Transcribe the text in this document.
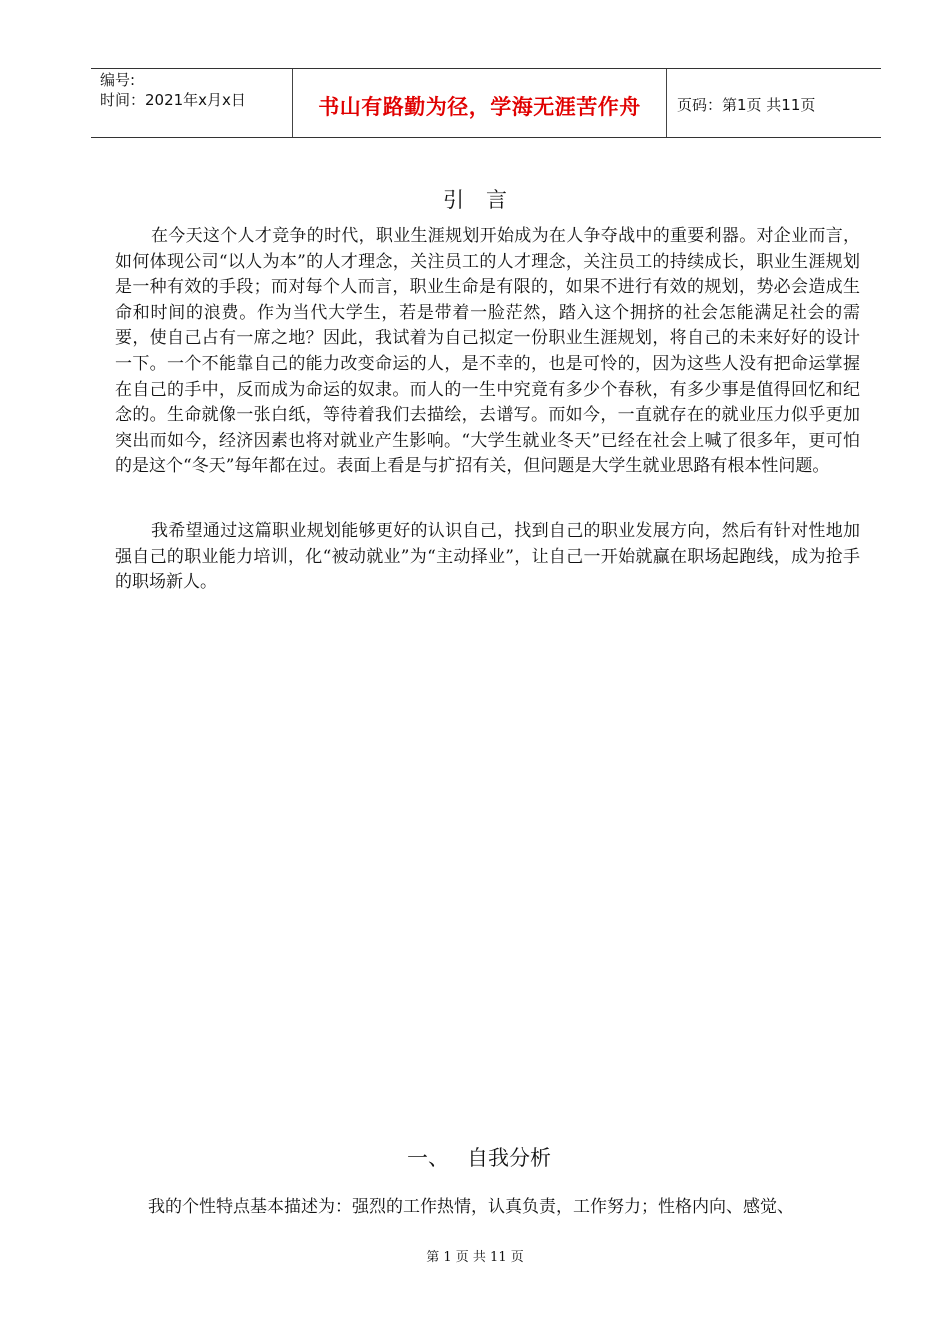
编号:
时间：2021年x月x日	书山有路勤为径，学海无涯苦作舟	页码：第1页 共11页
引言

在今天这个人才竞争的时代，职业生涯规划开始成为在人争夺战中的重要利器。对企业而言，如何体现公司“以人为本”的人才理念，关注员工的人才理念，关注员工的持续成长，职业生涯规划是一种有效的手段；而对每个人而言，职业生命是有限的，如果不进行有效的规划，势必会造成生命和时间的浪费。作为当代大学生，若是带着一脸茫然，踏入这个拥挤的社会怎能满足社会的需要，使自己占有一席之地？因此，我试着为自己拟定一份职业生涯规划，将自己的未来好好的设计一下。一个不能靠自己的能力改变命运的人，是不幸的，也是可怜的，因为这些人没有把命运掌握在自己的手中，反而成为命运的奴隶。而人的一生中究竟有多少个春秋，有多少事是值得回忆和纪念的。生命就像一张白纸，等待着我们去描绘，去谱写。而如今，一直就存在的就业压力似乎更加突出而如今，经济因素也将对就业产生影响。“大学生就业冬天”已经在社会上喊了很多年，更可怕的是这个“冬天”每年都在过。表面上看是与扩招有关，但问题是大学生就业思路有根本性问题。

我希望通过这篇职业规划能够更好的认识自己，找到自己的职业发展方向，然后有针对性地加强自己的职业能力培训，化“被动就业”为“主动择业”，让自己一开始就赢在职场起跑线，成为抢手的职场新人。

一、 自我分析
我的个性特点基本描述为：强烈的工作热情，认真负责，工作努力；性格内向、感觉、
第 1 页 共 11 页
